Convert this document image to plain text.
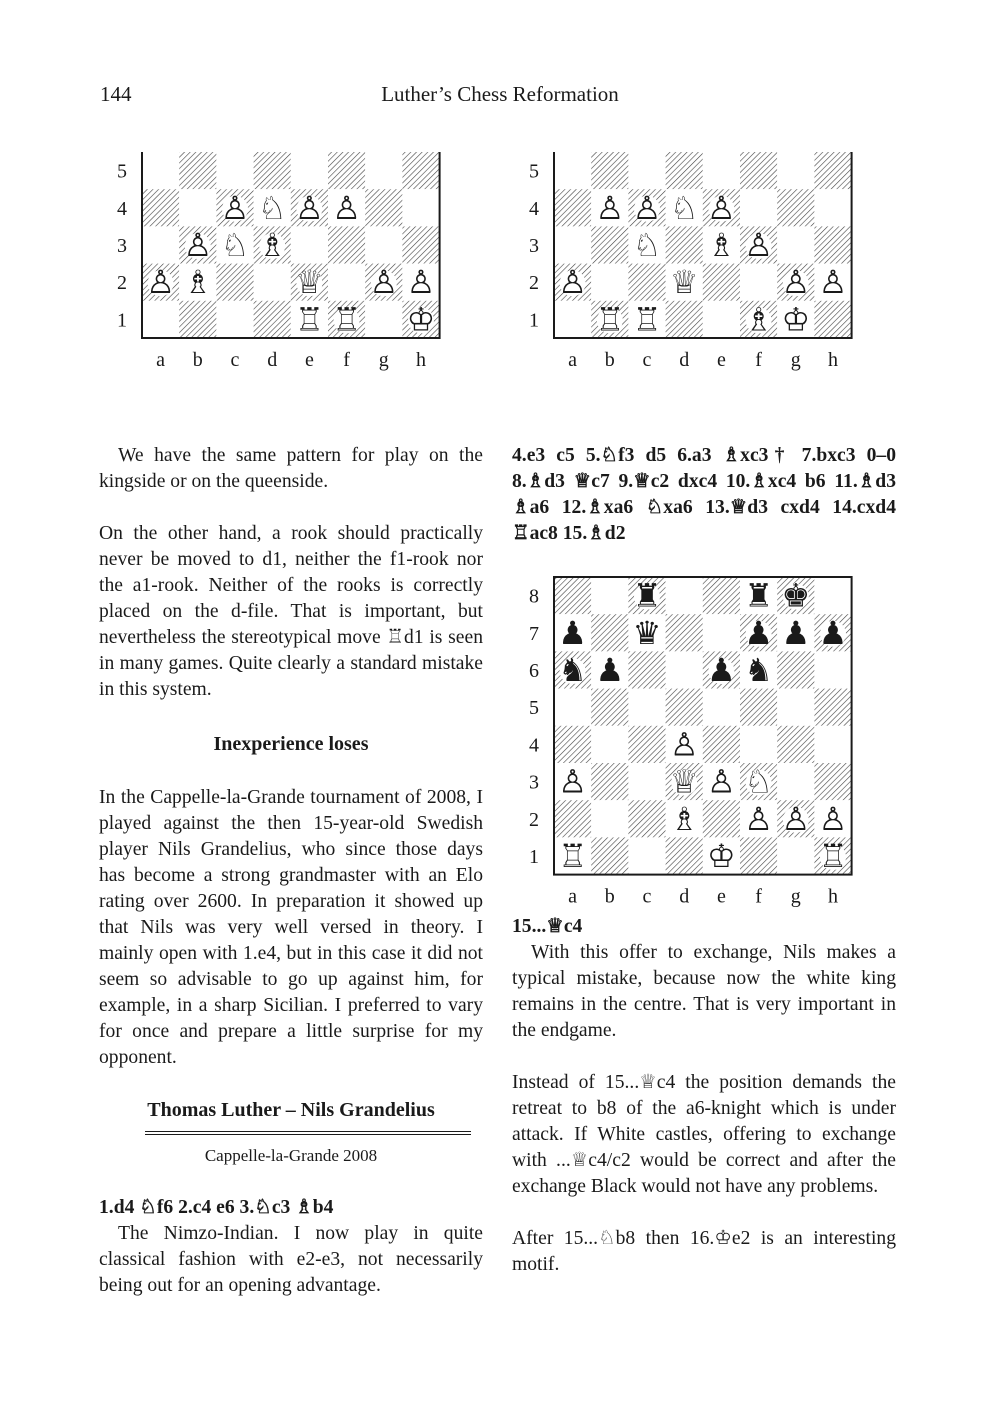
144	Luther’s Chess Reformation
5
4
3
2
1
a b c d e f g h
♙ ♘ ♙ ♙
♙ ♘ ♗
♙ ♗	♕ ♙ ♙
♖ ♖ ♔
5
4
3
2
1
a b c d e f g h
♙ ♙ ♘ ♙
♘ ♗ ♙
♙	♕	♙ ♙
♖ ♖	♗ ♔
8
7
6
5
4
3
2
1
a b c d e f g h
♜	♜ ♚
♟ ♛	♟ ♟ ♟
♞ ♟	♟ ♞
♙
♙	♕ ♙ ♘
♗ ♙ ♙ ♙
♖	♔	♖

We have the same pattern for play on the kingside or on the queenside.

On the other hand, a rook should practically never be moved to d1, neither the f1-rook nor the a1-rook. Neither of the rooks is correctly placed on the d-file. That is important, but nevertheless the stereotypical move ♖d1 is seen in many games. Quite clearly a standard mistake in this system.

Inexperience loses

In the Cappelle-la-Grande tournament of 2008, I played against the then 15-year-old Swedish player Nils Grandelius, who since those days has become a strong grandmaster with an Elo rating over 2600. In preparation it showed up that Nils was very well versed in theory. I mainly open with 1.e4, but in this case it did not seem so advisable to go up against him, for example, in a sharp Sicilian. I preferred to vary for once and prepare a little surprise for my opponent.

Thomas Luther – Nils Grandelius

Cappelle-la-Grande 2008

1.d4 ♘f6 2.c4 e6 3.♘c3 ♗b4

The Nimzo-Indian. I now play in quite classical fashion with e2-e3, not necessarily being out for an opening advantage.

4.e3 c5 5.♘f3 d5 6.a3 ♗xc3† 7.bxc3 0–0 8.♗d3 ♕c7 9.♕c2 dxc4 10.♗xc4 b6 11.♗d3 ♗a6 12.♗xa6 ♘xa6 13.♕d3 cxd4 14.cxd4 ♖ac8 15.♗d2

15...♕c4

With this offer to exchange, Nils makes a typical mistake, because now the white king remains in the centre. That is very important in the endgame.

Instead of 15...♕c4 the position demands the retreat to b8 of the a6-knight which is under attack. If White castles, offering to exchange with ...♕c4/c2 would be correct and after the exchange Black would not have any problems.

After 15...♘b8 then 16.♔e2 is an interesting motif.
